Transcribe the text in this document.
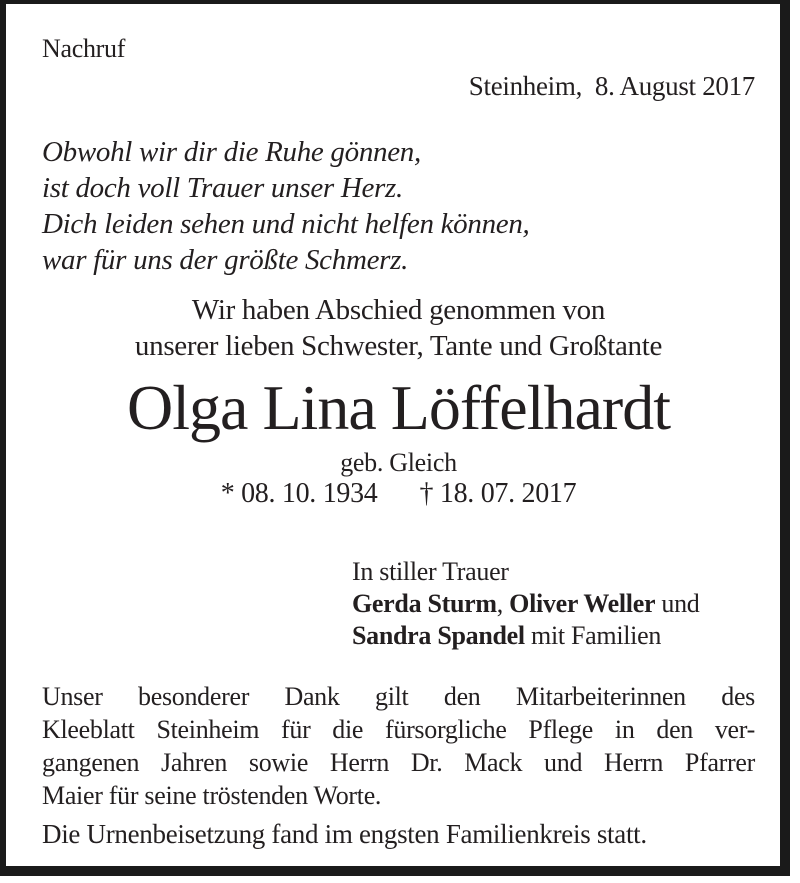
Nachruf
Steinheim,  8. August 2017
Obwohl wir dir die Ruhe gönnen,
ist doch voll Trauer unser Herz.
Dich leiden sehen und nicht helfen können,
war für uns der größte Schmerz.
Wir haben Abschied genommen von
unserer lieben Schwester, Tante und Großtante
Olga Lina Löffelhardt
geb. Gleich
* 08. 10. 1934 † 18. 07. 2017
In stiller Trauer
Gerda Sturm, Oliver Weller und
Sandra Spandel mit Familien
Unser besonderer Dank gilt den Mitarbeiterinnen des
Kleeblatt Steinheim für die fürsorgliche Pflege in den ver-
gangenen Jahren sowie Herrn Dr. Mack und Herrn Pfarrer
Maier für seine tröstenden Worte.
Die Urnenbeisetzung fand im engsten Familienkreis statt.
